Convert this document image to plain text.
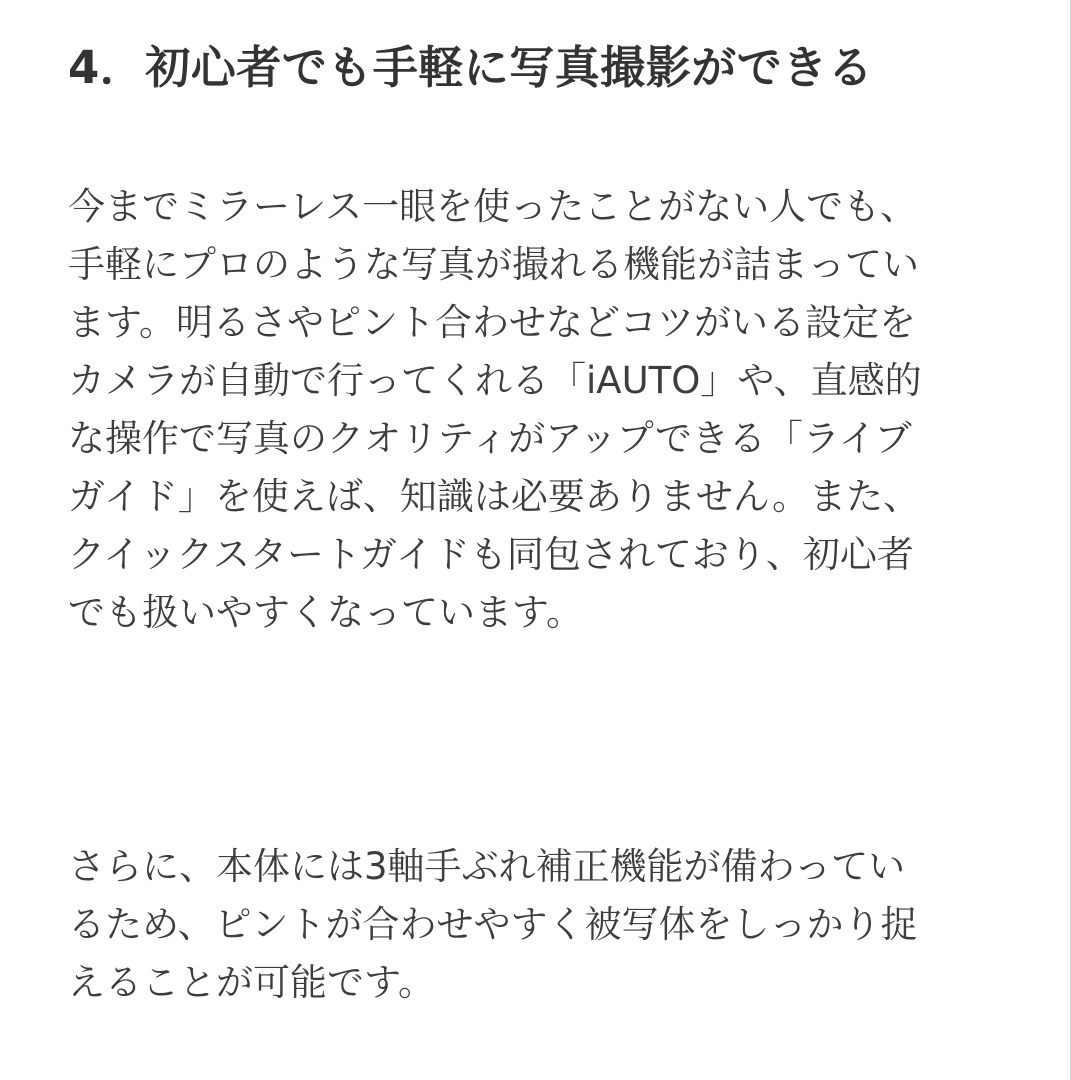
4．初心者でも手軽に写真撮影ができる
今までミラーレス一眼を使ったことがない人でも、
手軽にプロのような写真が撮れる機能が詰まってい
ます。明るさやピント合わせなどコツがいる設定を
カメラが自動で行ってくれる「iAUTO」や、直感的
な操作で写真のクオリティがアップできる「ライブ
ガイド」を使えば、知識は必要ありません。また、
クイックスタートガイドも同包されており、初心者
でも扱いやすくなっています。
さらに、本体には3軸手ぶれ補正機能が備わってい
るため、ピントが合わせやすく被写体をしっかり捉
えることが可能です。
